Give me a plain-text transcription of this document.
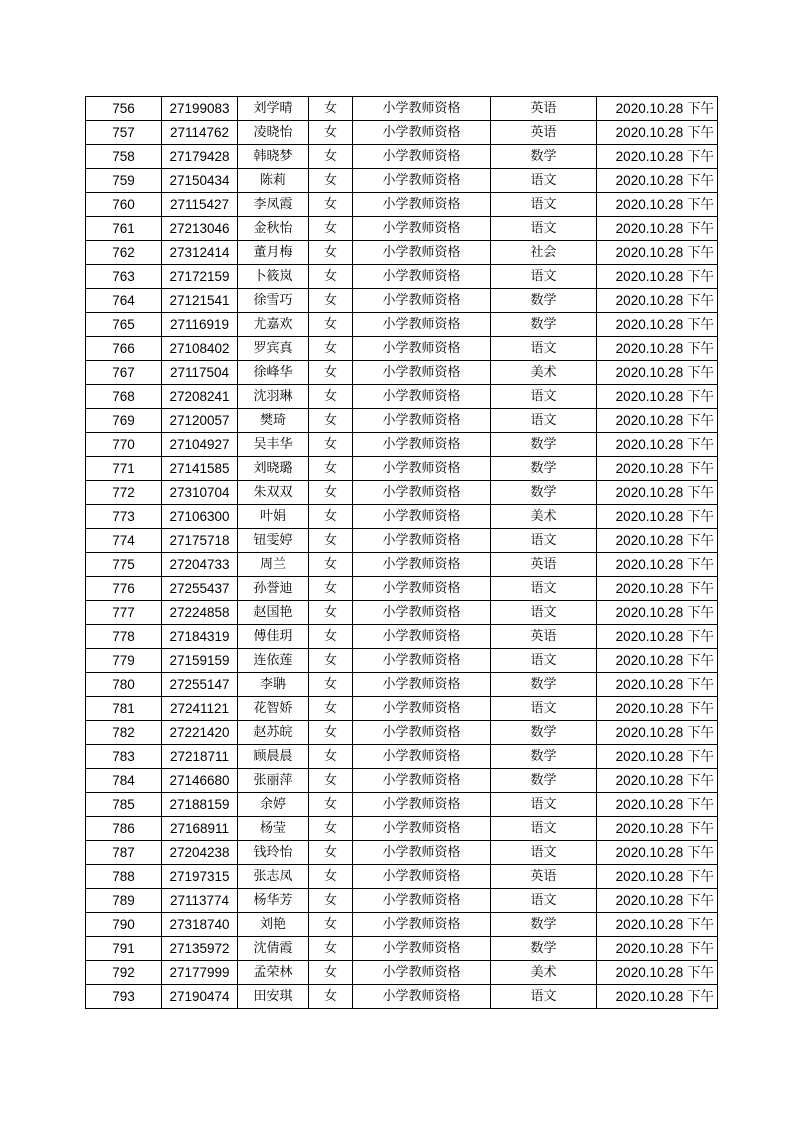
756	27199083	刘学晴	女	小学教师资格	英语	2020.10.28 下午
757	27114762	凌晓怡	女	小学教师资格	英语	2020.10.28 下午
758	27179428	韩晓梦	女	小学教师资格	数学	2020.10.28 下午
759	27150434	陈莉	女	小学教师资格	语文	2020.10.28 下午
760	27115427	李凤霞	女	小学教师资格	语文	2020.10.28 下午
761	27213046	金秋怡	女	小学教师资格	语文	2020.10.28 下午
762	27312414	董月梅	女	小学教师资格	社会	2020.10.28 下午
763	27172159	卜筱岚	女	小学教师资格	语文	2020.10.28 下午
764	27121541	徐雪巧	女	小学教师资格	数学	2020.10.28 下午
765	27116919	尤嘉欢	女	小学教师资格	数学	2020.10.28 下午
766	27108402	罗宾真	女	小学教师资格	语文	2020.10.28 下午
767	27117504	徐峰华	女	小学教师资格	美术	2020.10.28 下午
768	27208241	沈羽琳	女	小学教师资格	语文	2020.10.28 下午
769	27120057	樊琦	女	小学教师资格	语文	2020.10.28 下午
770	27104927	吴丰华	女	小学教师资格	数学	2020.10.28 下午
771	27141585	刘晓璐	女	小学教师资格	数学	2020.10.28 下午
772	27310704	朱双双	女	小学教师资格	数学	2020.10.28 下午
773	27106300	叶娟	女	小学教师资格	美术	2020.10.28 下午
774	27175718	钮雯婷	女	小学教师资格	语文	2020.10.28 下午
775	27204733	周兰	女	小学教师资格	英语	2020.10.28 下午
776	27255437	孙誉迪	女	小学教师资格	语文	2020.10.28 下午
777	27224858	赵国艳	女	小学教师资格	语文	2020.10.28 下午
778	27184319	傅佳玥	女	小学教师资格	英语	2020.10.28 下午
779	27159159	连依莲	女	小学教师资格	语文	2020.10.28 下午
780	27255147	李聃	女	小学教师资格	数学	2020.10.28 下午
781	27241121	花智娇	女	小学教师资格	语文	2020.10.28 下午
782	27221420	赵苏皖	女	小学教师资格	数学	2020.10.28 下午
783	27218711	顾晨晨	女	小学教师资格	数学	2020.10.28 下午
784	27146680	张丽萍	女	小学教师资格	数学	2020.10.28 下午
785	27188159	余婷	女	小学教师资格	语文	2020.10.28 下午
786	27168911	杨莹	女	小学教师资格	语文	2020.10.28 下午
787	27204238	钱玲怡	女	小学教师资格	语文	2020.10.28 下午
788	27197315	张志凤	女	小学教师资格	英语	2020.10.28 下午
789	27113774	杨华芳	女	小学教师资格	语文	2020.10.28 下午
790	27318740	刘艳	女	小学教师资格	数学	2020.10.28 下午
791	27135972	沈倩霞	女	小学教师资格	数学	2020.10.28 下午
792	27177999	孟荣林	女	小学教师资格	美术	2020.10.28 下午
793	27190474	田安琪	女	小学教师资格	语文	2020.10.28 下午
